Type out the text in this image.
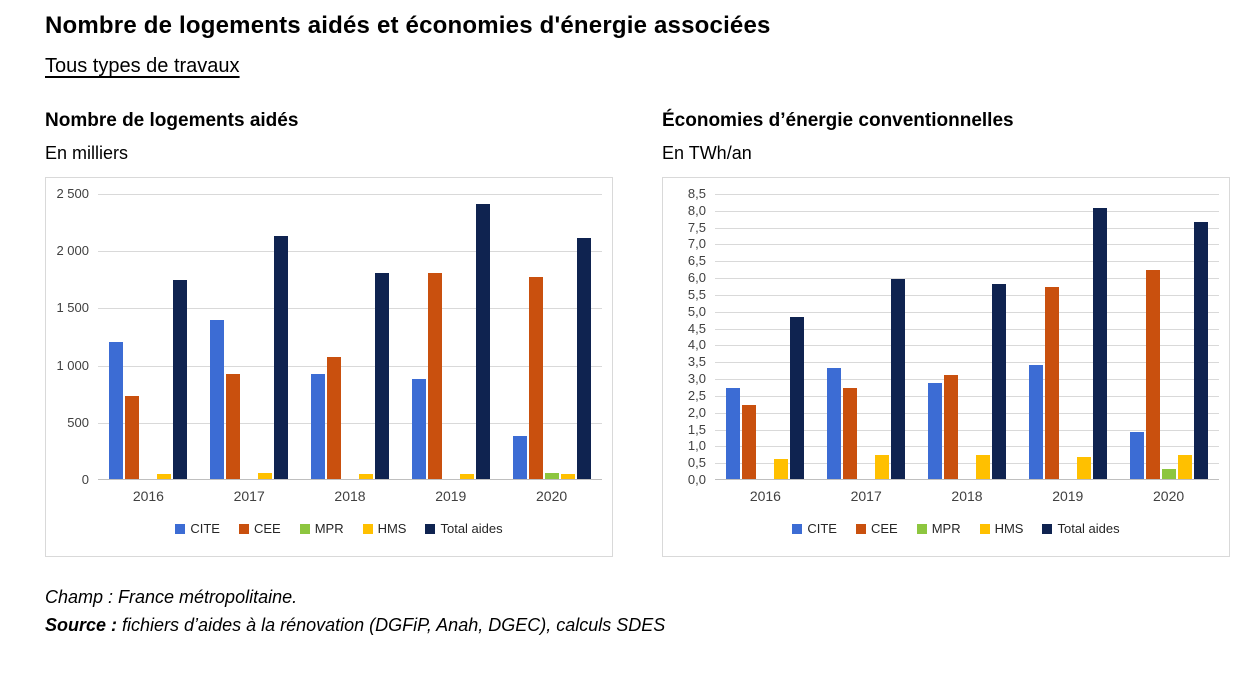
Nombre de logements aidés et économies d'énergie associées
Tous types de travaux
Nombre de logements aidés
En milliers
0
500
1 000
1 500
2 000
2 500
2016	2017	2018	2019	2020
CITE	CEE	MPR	HMS	Total aides
Économies d’énergie conventionnelles
En TWh/an
0,0
0,5
1,0
1,5
2,0
2,5
3,0
3,5
4,0
4,5
5,0
5,5
6,0
6,5
7,0
7,5
8,0
8,5
2016	2017	2018	2019	2020
CITE	CEE	MPR	HMS	Total aides
Champ : France métropolitaine.
Source : fichiers d’aides à la rénovation (DGFiP, Anah, DGEC), calculs SDES
